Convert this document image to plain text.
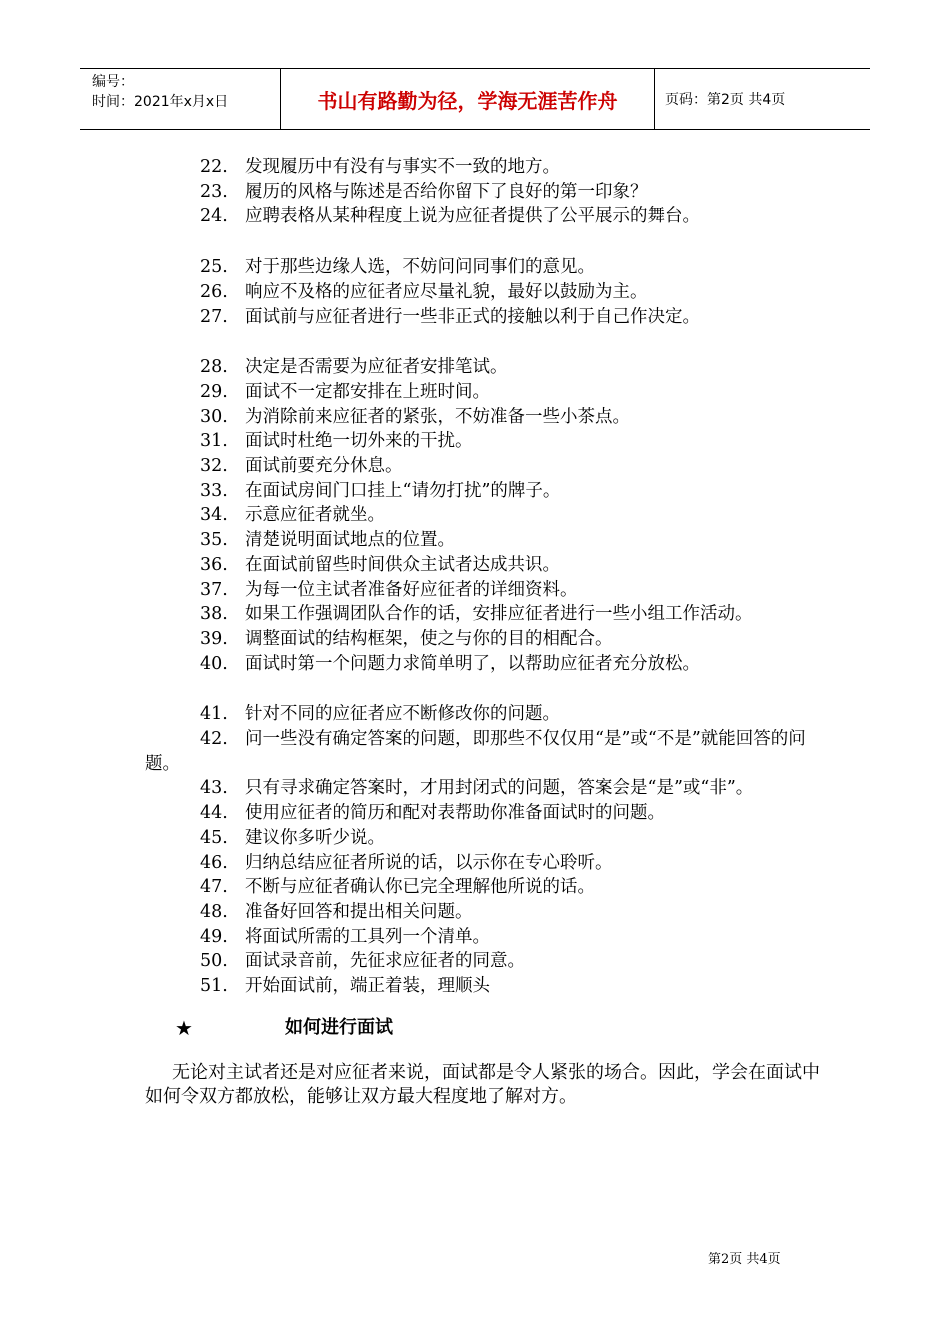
编号：
时间：2021年x月x日	书山有路勤为径，学海无涯苦作舟	页码：第2页 共4页
22. 发现履历中有没有与事实不一致的地方。
23. 履历的风格与陈述是否给你留下了良好的第一印象？
24. 应聘表格从某种程度上说为应征者提供了公平展示的舞台。
25. 对于那些边缘人选，不妨问问同事们的意见。
26. 响应不及格的应征者应尽量礼貌，最好以鼓励为主。
27. 面试前与应征者进行一些非正式的接触以利于自己作决定。
28. 决定是否需要为应征者安排笔试。
29. 面试不一定都安排在上班时间。
30. 为消除前来应征者的紧张，不妨准备一些小茶点。
31. 面试时杜绝一切外来的干扰。
32. 面试前要充分休息。
33. 在面试房间门口挂上“请勿打扰”的牌子。
34. 示意应征者就坐。
35. 清楚说明面试地点的位置。
36. 在面试前留些时间供众主试者达成共识。
37. 为每一位主试者准备好应征者的详细资料。
38. 如果工作强调团队合作的话，安排应征者进行一些小组工作活动。
39. 调整面试的结构框架，使之与你的目的相配合。
40. 面试时第一个问题力求简单明了，以帮助应征者充分放松。
41. 针对不同的应征者应不断修改你的问题。
42. 问一些没有确定答案的问题，即那些不仅仅用“是”或“不是”就能回答的问题。
43. 只有寻求确定答案时，才用封闭式的问题，答案会是“是”或“非”。
44. 使用应征者的简历和配对表帮助你准备面试时的问题。
45. 建议你多听少说。
46. 归纳总结应征者所说的话，以示你在专心聆听。
47. 不断与应征者确认你已完全理解他所说的话。
48. 准备好回答和提出相关问题。
49. 将面试所需的工具列一个清单。
50. 面试录音前，先征求应征者的同意。
51. 开始面试前，端正着装，理顺头
★	如何进行面试
无论对主试者还是对应征者来说，面试都是令人紧张的场合。因此，学会在面试中如何令双方都放松，能够让双方最大程度地了解对方。
第2页 共4页
